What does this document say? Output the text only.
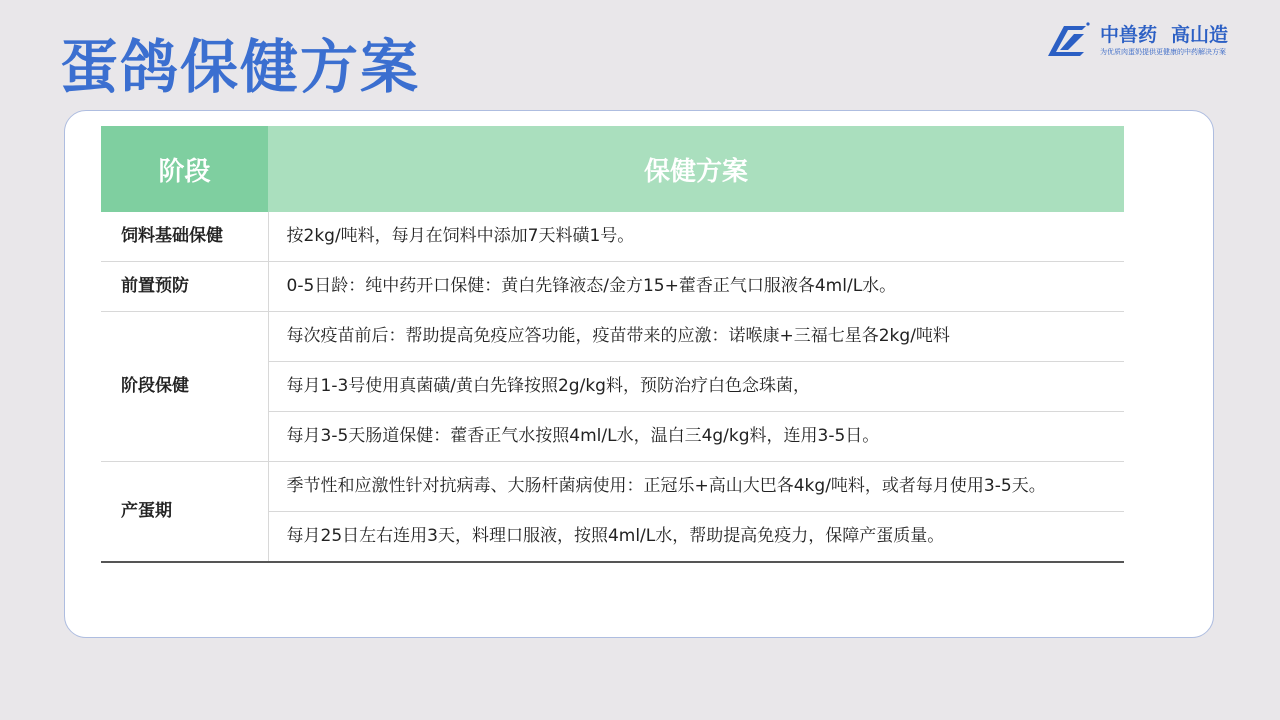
蛋鸽保健方案	中兽药 高山造
为优质肉蛋奶提供更健康的中药解决方案
阶段	保健方案
饲料基础保健	按2kg/吨料，每月在饲料中添加7天料磺1号。
前置预防	0-5日龄：纯中药开口保健：黄白先锋液态/金方15+藿香正气口服液各4ml/L水。
阶段保健	每次疫苗前后：帮助提高免疫应答功能，疫苗带来的应激：诺喉康+三福七星各2kg/吨料
	每月1-3号使用真菌磺/黄白先锋按照2g/kg料，预防治疗白色念珠菌，
	每月3-5天肠道保健：藿香正气水按照4ml/L水，温白三4g/kg料，连用3-5日。
产蛋期	季节性和应激性针对抗病毒、大肠杆菌病使用：正冠乐+高山大巴各4kg/吨料，或者每月使用3-5天。
	每月25日左右连用3天，料理口服液，按照4ml/L水，帮助提高免疫力，保障产蛋质量。
